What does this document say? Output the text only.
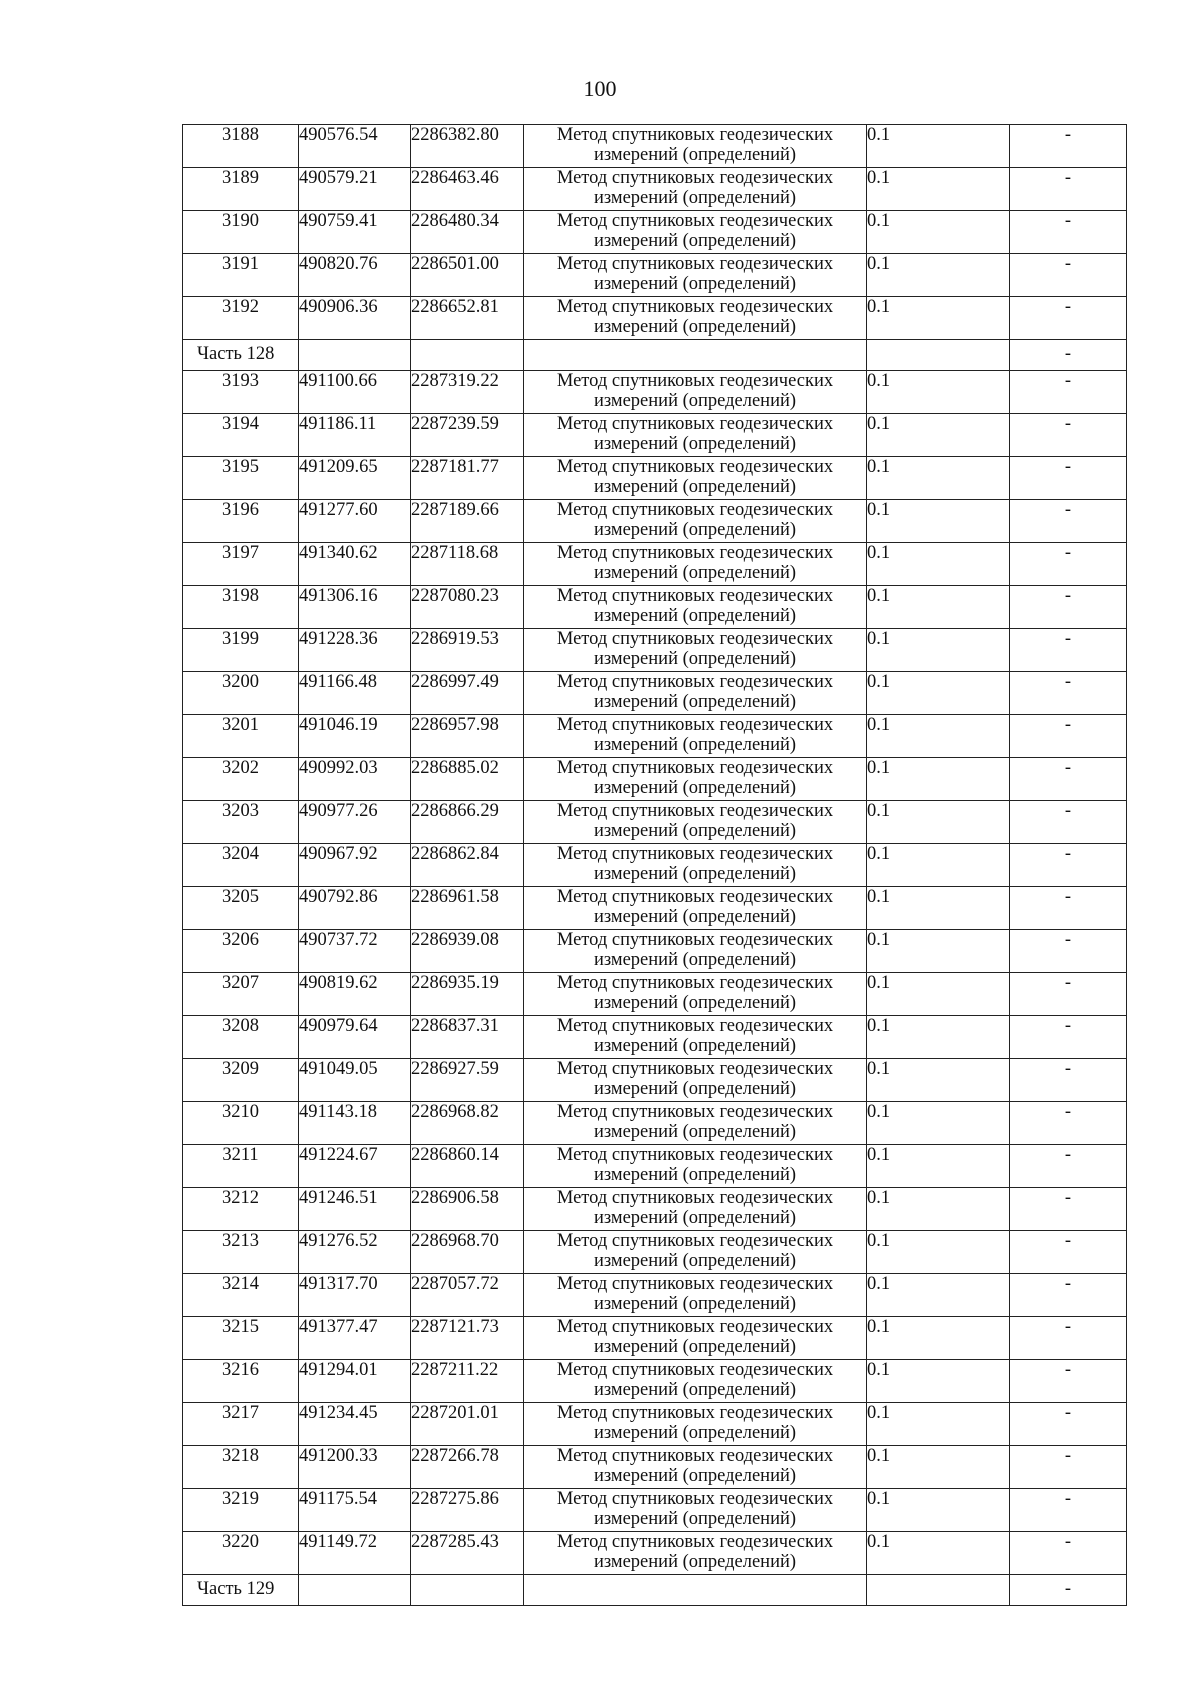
100
3188	490576.54	2286382.80	Метод спутниковых геодезических измерений (определений)	0.1	-
3189	490579.21	2286463.46	Метод спутниковых геодезических измерений (определений)	0.1	-
3190	490759.41	2286480.34	Метод спутниковых геодезических измерений (определений)	0.1	-
3191	490820.76	2286501.00	Метод спутниковых геодезических измерений (определений)	0.1	-
3192	490906.36	2286652.81	Метод спутниковых геодезических измерений (определений)	0.1	-
Часть 128					-
3193	491100.66	2287319.22	Метод спутниковых геодезических измерений (определений)	0.1	-
3194	491186.11	2287239.59	Метод спутниковых геодезических измерений (определений)	0.1	-
3195	491209.65	2287181.77	Метод спутниковых геодезических измерений (определений)	0.1	-
3196	491277.60	2287189.66	Метод спутниковых геодезических измерений (определений)	0.1	-
3197	491340.62	2287118.68	Метод спутниковых геодезических измерений (определений)	0.1	-
3198	491306.16	2287080.23	Метод спутниковых геодезических измерений (определений)	0.1	-
3199	491228.36	2286919.53	Метод спутниковых геодезических измерений (определений)	0.1	-
3200	491166.48	2286997.49	Метод спутниковых геодезических измерений (определений)	0.1	-
3201	491046.19	2286957.98	Метод спутниковых геодезических измерений (определений)	0.1	-
3202	490992.03	2286885.02	Метод спутниковых геодезических измерений (определений)	0.1	-
3203	490977.26	2286866.29	Метод спутниковых геодезических измерений (определений)	0.1	-
3204	490967.92	2286862.84	Метод спутниковых геодезических измерений (определений)	0.1	-
3205	490792.86	2286961.58	Метод спутниковых геодезических измерений (определений)	0.1	-
3206	490737.72	2286939.08	Метод спутниковых геодезических измерений (определений)	0.1	-
3207	490819.62	2286935.19	Метод спутниковых геодезических измерений (определений)	0.1	-
3208	490979.64	2286837.31	Метод спутниковых геодезических измерений (определений)	0.1	-
3209	491049.05	2286927.59	Метод спутниковых геодезических измерений (определений)	0.1	-
3210	491143.18	2286968.82	Метод спутниковых геодезических измерений (определений)	0.1	-
3211	491224.67	2286860.14	Метод спутниковых геодезических измерений (определений)	0.1	-
3212	491246.51	2286906.58	Метод спутниковых геодезических измерений (определений)	0.1	-
3213	491276.52	2286968.70	Метод спутниковых геодезических измерений (определений)	0.1	-
3214	491317.70	2287057.72	Метод спутниковых геодезических измерений (определений)	0.1	-
3215	491377.47	2287121.73	Метод спутниковых геодезических измерений (определений)	0.1	-
3216	491294.01	2287211.22	Метод спутниковых геодезических измерений (определений)	0.1	-
3217	491234.45	2287201.01	Метод спутниковых геодезических измерений (определений)	0.1	-
3218	491200.33	2287266.78	Метод спутниковых геодезических измерений (определений)	0.1	-
3219	491175.54	2287275.86	Метод спутниковых геодезических измерений (определений)	0.1	-
3220	491149.72	2287285.43	Метод спутниковых геодезических измерений (определений)	0.1	-
Часть 129					-
